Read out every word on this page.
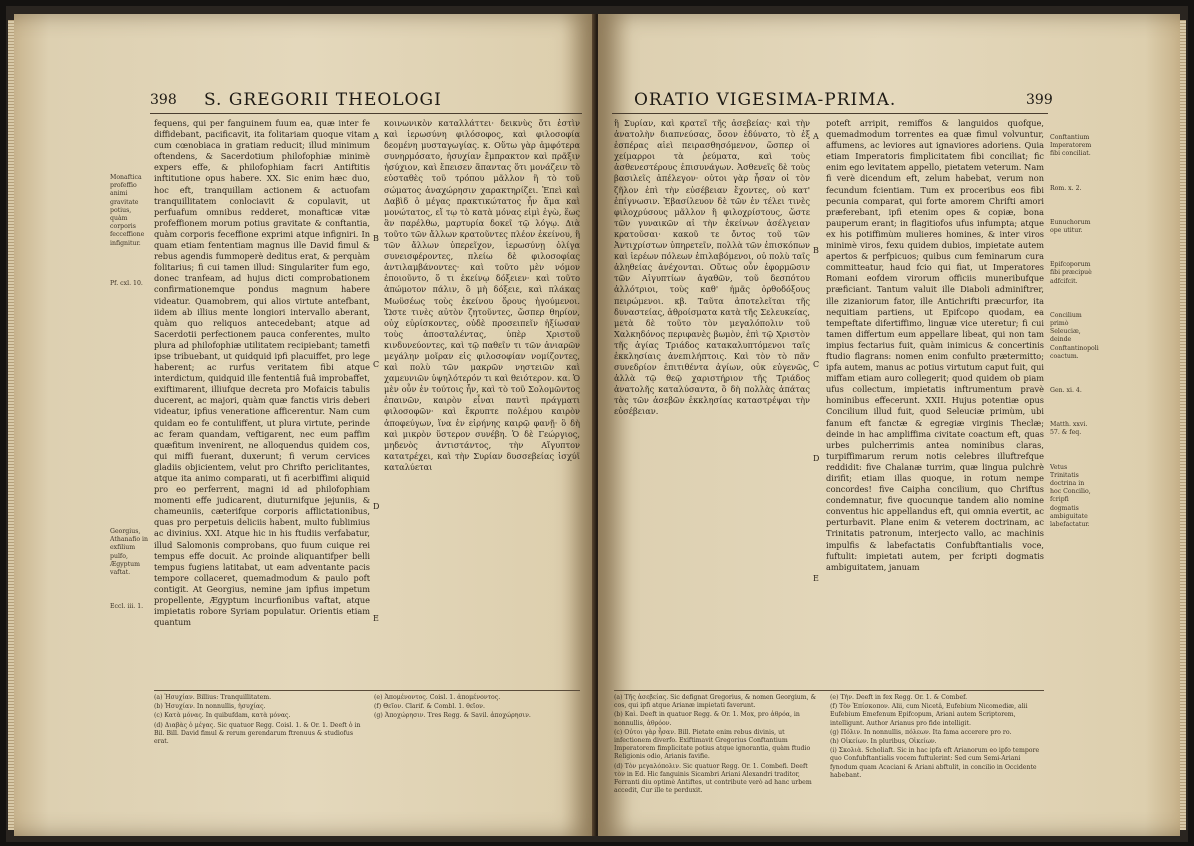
398 S. GREGORII THEOLOGI
Monaftica profeffio animi gravitate potius, quàm corporis fecceffione infignitur.
Pf. cxl. 10.
Georgius, Athanafio in exfilium pulfo, Ægyptum vaftat.
Eccl. iii. 1.

fequens, qui per fanguinem fuum ea, quæ inter fe diffidebant, pacificavit, ita folitariam quoque vitam cum cœnobiaca in gratiam reducit; illud minimum oftendens, & Sacerdotium philofophiæ minimè expers effe, & philofophiam facri Antiftitis inftitutione opus habere. XX. Sic enim hæc duo, hoc eft, tranquillam actionem & actuofam tranquillitatem conlociavit & copulavit, ut perfuafum omnibus redderet, monafticæ vitæ profeffionem morum potius gravitate & conftantia, quàm corporis feceffione exprimi atque infigniri. In quam etiam fententiam magnus ille David fimul & rebus agendis fummoperè deditus erat, & perquàm folitarius; fi cui tamen illud: Singulariter fum ego, donec tranfeam, ad hujus dicti comprobationem confirmationemque pondus magnum habere videatur. Quamobrem, qui alios virtute antefbant, iidem ab illius mente longiori intervallo aberant, quàm quo reliquos antecedebant; atque ad Sacerdotii perfectionem pauca conferentes, multo plura ad philofophiæ utilitatem recipiebant; tametfi ipse tribuebant, ut quidquid ipfi placuiffet, pro lege haberent; ac rurfus veritatem fibi atque interdictum, quidquid ille fententiâ fuâ improbaffet, exiftimarent, illiufque decreta pro Mofaicis tabulis ducerent, ac majori, quàm quæ fanctis viris deberi videatur, ipfius veneratione afficerentur. Nam cum quidam eo fe contuliffent, ut plura virtute, perinde ac feram quandam, veftigarent, nec eum paffim quæfitum invenirent, ne alloquendus quidem cos, qui miffi fuerant, duxerunt; fi verum cervices gladiis objicientem, velut pro Chrifto periclitantes, atque ita animo comparati, ut fi acerbiffimi aliquid pro eo perferrent, magni id ad philofophiam momenti effe judicarent, diuturnifque jejuniis, & chameuniis, cæterifque corporis afflictationibus, quas pro perpetuis deliciis habent, multo fublimius ac divinius. XXI. Atque hic in his ftudiis verfabatur, illud Salomonis comprobans, quo fuum cuique rei tempus effe docuit. Ac proinde aliquantifper belli tempus fugiens latitabat, ut eam adventante pacis tempore collaceret, quemadmodum & paulo poft contigit. At Georgius, nemine jam ipfius impetum propellente, Ægyptum incurfionibus vaftat, atque impietatis robore Syriam populatur. Orientis etiam quantum

A
B
C
D
E

κοινωνικὸν καταλλάττει· δεικνὺς ὅτι ἐστὶν καὶ ἱερωσύνη φιλόσοφος, καὶ φιλοσοφία δεομένη μυσταγωγίας. κ. Οὕτω γὰρ ἀμφότερα συνηρμόσατο, ἡσυχίαν ἔμπρακτον καὶ πρᾶξιν ἡσύχιον, καὶ ἔπεισεν ἅπαντας ὅτι μονάζειν τὸ εὐσταθὲς τοῦ τρόπου μᾶλλον ἢ τὸ τοῦ σώματος ἀναχώρησιν χαρακτηρίζει. Ἐπεὶ καὶ Δαβὶδ ὁ μέγας πρακτικώτατος ἦν ἅμα καὶ μονώτατος, εἴ τῳ τὸ κατὰ μόνας εἰμὶ ἐγὼ, ἕως ἂν παρέλθω, μαρτυρία δοκεῖ τῷ λόγῳ. Διὰ τοῦτο τῶν ἄλλων κρατοῦντες πλέον ἐκείνου, ἢ τῶν ἄλλων ὑπερεῖχον, ἱερωσύνῃ ὀλίγα συνεισφέροντες, πλείω δὲ φιλοσοφίας ἀντιλαμβάνοντες· καὶ τοῦτο μὲν νόμον ἐποιοῦντο, ὅ τι ἐκείνῳ δόξειεν· καὶ τοῦτο ἀπώμοτον πάλιν, ὃ μὴ δόξειε, καὶ πλάκας Μωϋσέως τοὺς ἐκείνου ὅρους ἡγούμενοι. Ὥστε τινὲς αὐτὸν ζητοῦντες, ὥσπερ θηρίον, οὐχ εὑρίσκοντες, οὐδὲ προσειπεῖν ἠξίωσαν τοὺς ἀποσταλέντας, ὑπὲρ Χριστοῦ κινδυνεύοντες, καὶ τῷ παθεῖν τι τῶν ἀνιαρῶν μεγάλην μοῖραν εἰς φιλοσοφίαν νομίζοντες, καὶ πολὺ τῶν μακρῶν νηστειῶν καὶ χαμευνιῶν ὑψηλότερόν τι καὶ θειότερον. κα. Ὁ μὲν οὖν ἐν τούτοις ἦν, καὶ τὸ τοῦ Σολομῶντος ἐπαινῶν, καιρὸν εἶναι παντὶ πράγματι φιλοσοφῶν· καὶ ἔκρυπτε πολέμου καιρὸν ἀποφεύγων, ἵνα ἐν εἰρήνης καιρῷ φανῇ· ὃ δὴ καὶ μικρὸν ὕστερον συνέβη. Ὁ δὲ Γεώργιος, μηδενὸς ἀντιστάντος, τὴν Αἴγυπτον κατατρέχει, καὶ τὴν Συρίαν δυσσεβείας ἰσχύϊ καταλύεται

(a) Ἡσυχίαν. Billius: Tranquillitatem.
(b) Ἡσυχίαν. In nonnullis, ἡσυχίας.
(c) Κατὰ μόνας. In quibufdam, κατὰ μόνας.
(d) Διαβὰς ὁ μέγας. Sic quatuor Regg. Coisl. 1. & Or. 1. Deeft ὁ in Bil. Bill. David fimul & rerum gerendarum ftrenuus & studiofus erat.
(e) Ἀπομένοντος. Coisl. 1. ἀπομένοντος.
(f) Θεῖον. Clarif. & Combl. 1. θεῖον.
(g) Ἀποχώρησιν. Tres Regg. & Savil. ἀποχώρησιν.
ORATIO VIGESIMA-PRIMA.	399

ἢ Συρίαν, καὶ κρατεῖ τῆς ἀσεβείας· καὶ τὴν ἀνατολὴν διαπνεύσας, ὅσον ἐδύνατο, τὸ ἐξ ἑσπέρας αἰεὶ πειρασθησόμενον, ὥσπερ οἱ χείμαρροι τὰ ῥεύματα, καὶ τοὺς ἀσθενεστέρους ἐπισυνάγων. Ἀσθενεῖς δὲ τοὺς βασιλεῖς ἀπέλεγον· οὐτοι γὰρ ἦσαν οἱ τὸν ζῆλον ἐπὶ τὴν εὐσέβειαν ἔχοντες, οὐ κατ' ἐπίγνωσιν. Ἐβασίλευον δὲ τῶν ἐν τέλει τινὲς φιλοχρύσους μᾶλλον ἢ φιλοχρίστους, ὥστε τῶν γυναικῶν αἱ τὴν ἐκείνων ἀσέλγειαν κρατοῦσαι· κακοῦ τε ὄντος τοῦ τῶν Ἀντιχρίστων ὑπηρετεῖν, πολλὰ τῶν ἐπισκόπων καὶ ἱερέων πόλεων ἐπιλαβόμενοι, οὐ πολὺ ταῖς ἀληθείας ἀνέχονται. Οὕτως οὖν ἐφορμῶσιν τῶν Αἰγυπτίων ἀγαθῶν, τοῦ δεσπότου ἀλλότριοι, τοὺς καθ' ἡμᾶς ὀρθοδόξους πειρώμενοι. κβ. Ταῦτα ἀποτελεῖται τῆς δυναστείας, ἀθροίσματα κατὰ τῆς Σελευκείας, μετὰ δὲ τοῦτο τὸν μεγαλόπολιν τοῦ Χαλκηδόνος περιφανὲς βωμὸν, ἐπὶ τῷ Χριστὸν τῆς ἁγίας Τριάδος κατακαλυπτόμενοι ταῖς ἐκκλησίαις ἀνεπιλήπτοις. Καὶ τὸν τὸ πᾶν συνεδρίον ἐπιτιθέντα ἁγίων, οὐκ εὐγενῶς, ἀλλὰ τῷ θεῷ χαριστήριον τῆς Τριάδος ἀνατολῆς καταλύσαντα, ὃ δὴ πολλὰς ἀπάτας τὰς τῶν ἀσεβῶν ἐκκλησίας καταστρέψαι τὴν εὐσέβειαν.

A
B
C
D
E

poteft arripit, remiffos & languidos quofque, quemadmodum torrentes ea quæ fimul volvuntur, affumens, ac leviores aut ignaviores adoriens. Quia etiam Imperatoris fimplicitatem fibi conciliat; fic enim ego levitatem appello, pietatem veterum. Nam fi verè dicendum eft, zelum habebat, verum non fecundum fcientiam. Tum ex proceribus eos fibi pecunia comparat, qui forte amorem Chrifti amori præferebant, ipfi etenim opes & copiæ, bona pauperum erant; in flagitiofos ufus infumpta; atque ex his potiffimùm mulieres homines, & inter viros minimè viros, fexu quidem dubios, impietate autem apertos & perfpicuos; quibus cum feminarum cura committeatur, haud fcio qui fiat, ut Imperatores Romani eofdem virorum officiis muneribufque præficiant. Tantum valuit ille Diaboli adminiftrer, ille zizaniorum fator, ille Antichrifti præcurfor, ita nequitiam partiens, ut Epifcopo quodam, ea tempeftate difertiffimo, linguæ vice uteretur; fi cui tamen differtum eum appellare libeat, qui non tam impius fectarius fuit, quàm inimicus & concertinis ftudio flagrans: nomen enim confulto prætermitto; ipfa autem, manus ac potius virtutum caput fuit, qui miffam etiam auro collegerit; quod quidem ob piam ufus collectum, impietatis inftrumentum pravè hominibus effecerunt. XXII. Hujus potentiæ opus Concilium illud fuit, quod Seleuciæ primùm, ubi fanum eft fanctæ & egregiæ virginis Theclæ; deinde in hac ampliffima civitate coactum eft, quas urbes pulcherrimis antea nominibus claras, turpiffimarum rerum notis celebres illuftrefque reddidit: five Chalanæ turrim, quæ lingua pulchrè dirifit; etiam illas quoque, in rotum nempe concordes! five Caipha concilium, quo Chriftus condemnatur, five quocunque tandem alio nomine conventus hic appellandus eft, qui omnia evertit, ac perturbavit. Plane enim & veterem doctrinam, ac Trinitatis patronum, interjecto vallo, ac machinis impulfis & labefactatis Confubftantialis voce, fuftulit: impietati autem, per fcripti dogmatis ambiguitatem, januam

Conftantium Imperatorem fibi conciliat.
Rom. x. 2.
Eunuchorum ope utitur.
Epifcoporum fibi præcipuè adfcifcit.
Concilium primò Seleuciæ, deinde Conftantinopoli coactum.
Gen. xi. 4.
Matth. xxvi. 57. & feq.
Vetus Trinitatis doctrina in hoc Concilio, fcripfi dogmatis ambiguitate labefactatur.
(a) Τῆς ἀσεβείας. Sic defignat Gregorius, & nomen Georgium, & cos, qui ipfi atque Arianæ impietati faverunt.
(b) Καὶ. Deeft in quatuor Regg. & Or. 1. Mox, pro ἀθρόα, in nonnullis, ἀθρόον.
(c) Οὐτοι γὰρ ἦσαν. Bill. Pietate enim rebus divinis, ut infectionem diverfo. Exiftimavit Gregorius Conftantium Imperatorem fimplicitate potius atque ignorantia, quàm ftudio Religionis odio, Arianis favifie.
(d) Τὸν μεγαλόπολιν. Sic quatuor Regg. Or. 1. Combefi. Deeft τὸν in Ed. Hic fanguinis Sicambri Ariani Alexandri traditor, Ferranti diu optimè Antiftes, ut contribute verò ad hanc urbem accedit, Cur ille te perduxit.
(e) Τὴν. Deeft in fex Regg. Or. 1. & Combef.
(f) Τὸν Ἐπίσκοπον. Alii, cum Nicetâ, Eufebium Nicomediæ, alii Eufebium Emefenum Epifcopum, Ariani autem Scriptorem, intelligunt. Author Arianus pro fide intelligit.
(g) Πόλιν. In nonnullis, πόλεων. Ita fama accerere pro ro.
(h) Οἰκείων. In pluribus, Οἰκείων.
(i) Σκολιὰ. Scholiaft. Sic in hac ipfa eft Arianorum eo ipfo tempore quo Confubftantialis vocem fuftulerint: Sed cum Semi-Ariani fynodum quam Acaciani & Ariani abftulit, in concilio in Occidente habebant.
